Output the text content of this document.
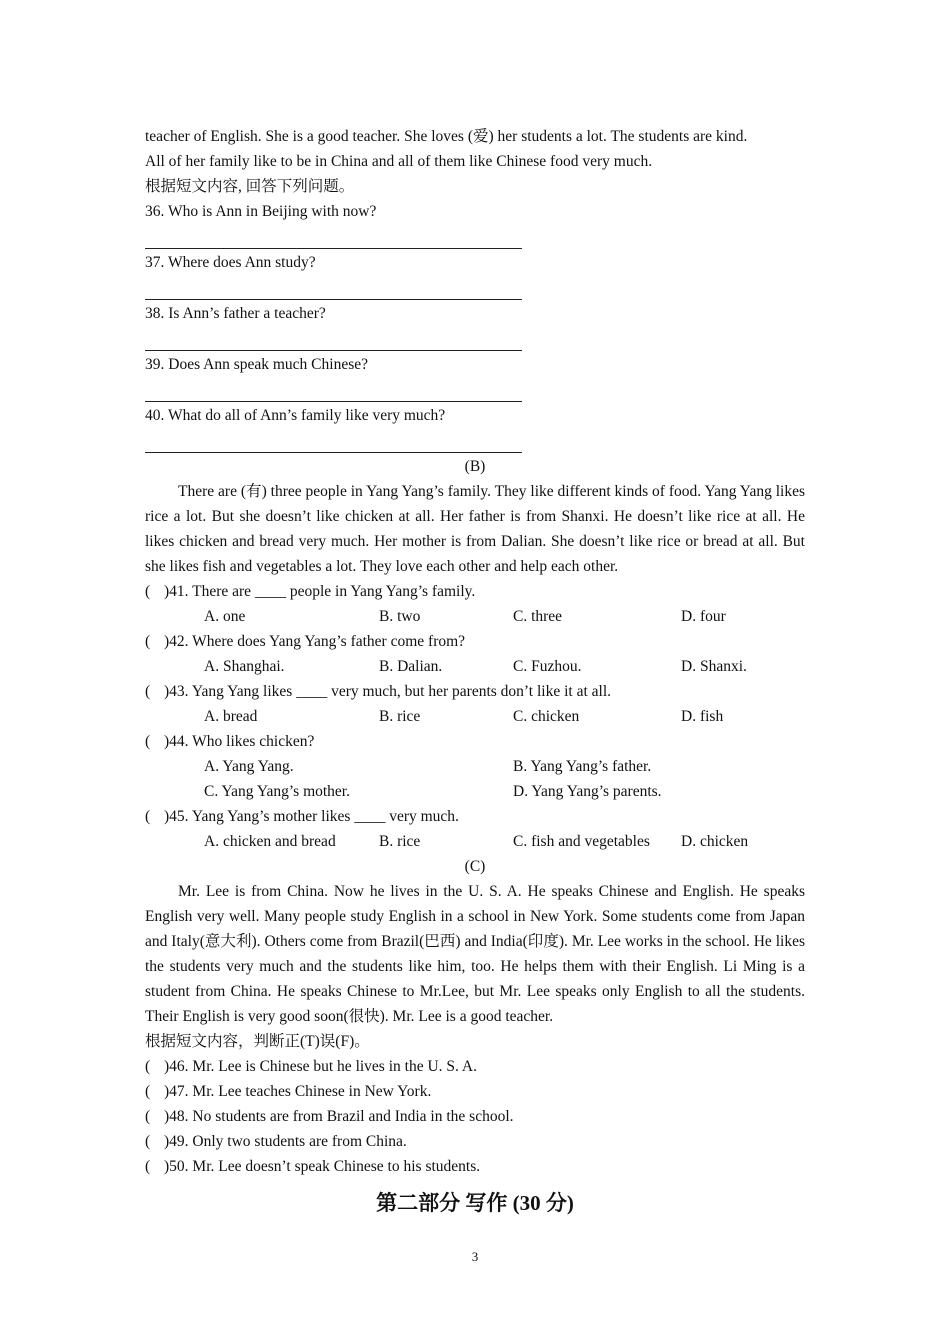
teacher of English. She is a good teacher. She loves (爱) her students a lot. The students are kind.
All of her family like to be in China and all of them like Chinese food very much.
根据短文内容, 回答下列问题。
36. Who is Ann in Beijing with now?
37. Where does Ann study?
38. Is Ann’s father a teacher?
39. Does Ann speak much Chinese?
40. What do all of Ann’s family like very much?
(B)
There are (有) three people in Yang Yang’s family. They like different kinds of food. Yang Yang likes rice a lot. But she doesn’t like chicken at all. Her father is from Shanxi. He doesn’t like rice at all. He likes chicken and bread very much. Her mother is from Dalian. She doesn’t like rice or bread at all. But she likes fish and vegetables a lot. They love each other and help each other.
( )41. There are ____ people in Yang Yang’s family.
A. one	B. two	C. three	D. four
( )42. Where does Yang Yang’s father come from?
A. Shanghai.	B. Dalian.	C. Fuzhou.	D. Shanxi.
( )43. Yang Yang likes ____ very much, but her parents don’t like it at all.
A. bread	B. rice	C. chicken	D. fish
( )44. Who likes chicken?
A. Yang Yang.	B. Yang Yang’s father.
C. Yang Yang’s mother.	D. Yang Yang’s parents.
( )45. Yang Yang’s mother likes ____ very much.
A. chicken and bread	B. rice	C. fish and vegetables	D. chicken
(C)
Mr. Lee is from China. Now he lives in the U. S. A. He speaks Chinese and English. He speaks English very well. Many people study English in a school in New York. Some students come from Japan and Italy(意大利). Others come from Brazil(巴西) and India(印度). Mr. Lee works in the school. He likes the students very much and the students like him, too. He helps them with their English. Li Ming is a student from China. He speaks Chinese to Mr.Lee, but Mr. Lee speaks only English to all the students. Their English is very good soon(很快). Mr. Lee is a good teacher.
根据短文内容，判断正(T)误(F)。
( )46. Mr. Lee is Chinese but he lives in the U. S. A.
( )47. Mr. Lee teaches Chinese in New York.
( )48. No students are from Brazil and India in the school.
( )49. Only two students are from China.
( )50. Mr. Lee doesn’t speak Chinese to his students.
第二部分 写作 (30 分)
3
